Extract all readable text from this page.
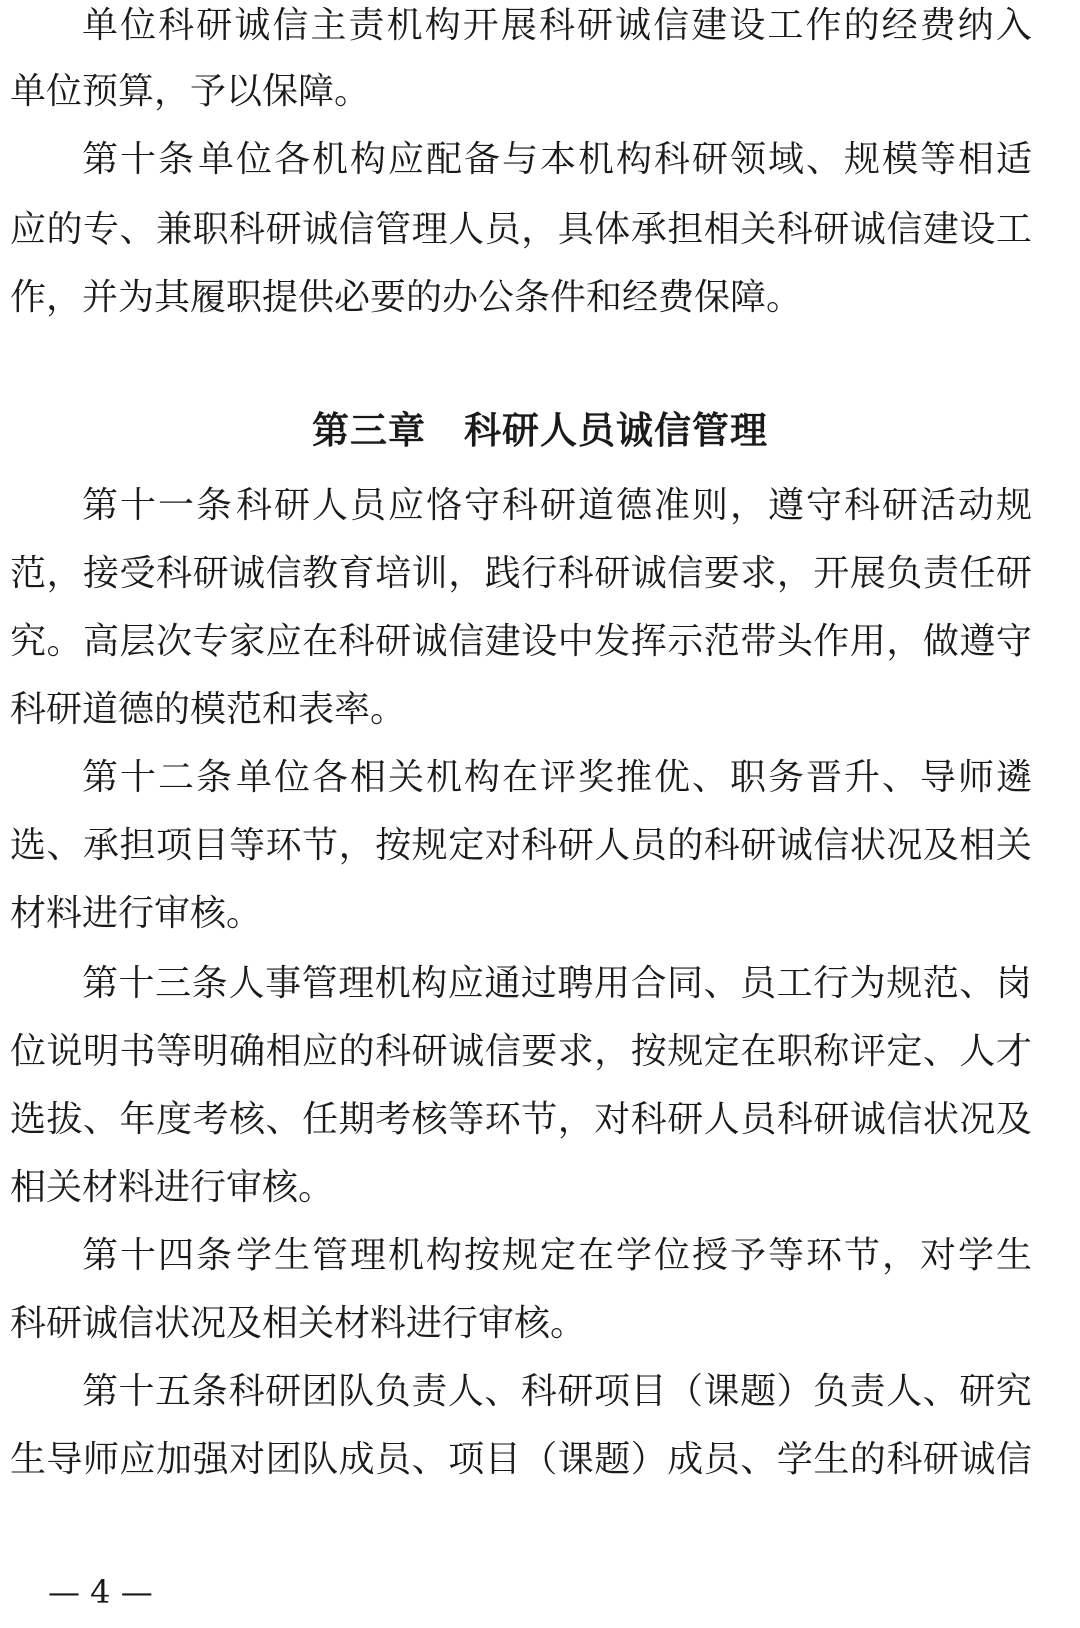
单 位 科 研 诚 信 主 责 机 构 开 展 科 研 诚 信 建 设 工 作 的 经 费 纳 入
单位预算，予以保障。
第 十 条 单 位 各 机 构 应 配 备 与 本 机 构 科 研 领 域 、 规 模 等 相 适
应 的 专 、 兼 职 科 研 诚 信 管 理 人 员 ， 具 体 承 担 相 关 科 研 诚 信 建 设 工
作，并为其履职提供必要的办公条件和经费保障。
第三章　科研人员诚信管理
第 十 一 条 科 研 人 员 应 恪 守 科 研 道 德 准 则 ， 遵 守 科 研 活 动 规
范 ， 接 受 科 研 诚 信 教 育 培 训 ， 践 行 科 研 诚 信 要 求 ， 开 展 负 责 任 研
究 。 高 层 次 专 家 应 在 科 研 诚 信 建 设 中 发 挥 示 范 带 头 作 用 ， 做 遵 守
科研道德的模范和表率。
第 十 二 条 单 位 各 相 关 机 构 在 评 奖 推 优 、 职 务 晋 升 、 导 师 遴
选 、 承 担 项 目 等 环 节 ， 按 规 定 对 科 研 人 员 的 科 研 诚 信 状 况 及 相 关
材料进行审核。
第 十 三 条 人 事 管 理 机 构 应 通 过 聘 用 合 同 、 员 工 行 为 规 范 、 岗
位 说 明 书 等 明 确 相 应 的 科 研 诚 信 要 求 ， 按 规 定 在 职 称 评 定 、 人 才
选 拔 、 年 度 考 核 、 任 期 考 核 等 环 节 ， 对 科 研 人 员 科 研 诚 信 状 况 及
相关材料进行审核。
第 十 四 条 学 生 管 理 机 构 按 规 定 在 学 位 授 予 等 环 节 ， 对 学 生
科研诚信状况及相关材料进行审核。
第 十 五 条 科 研 团 队 负 责 人 、 科 研 项 目 （ 课 题 ） 负 责 人 、 研 究
生 导 师 应 加 强 对 团 队 成 员 、 项 目 （ 课 题 ） 成 员 、 学 生 的 科 研 诚 信
— 4 —
